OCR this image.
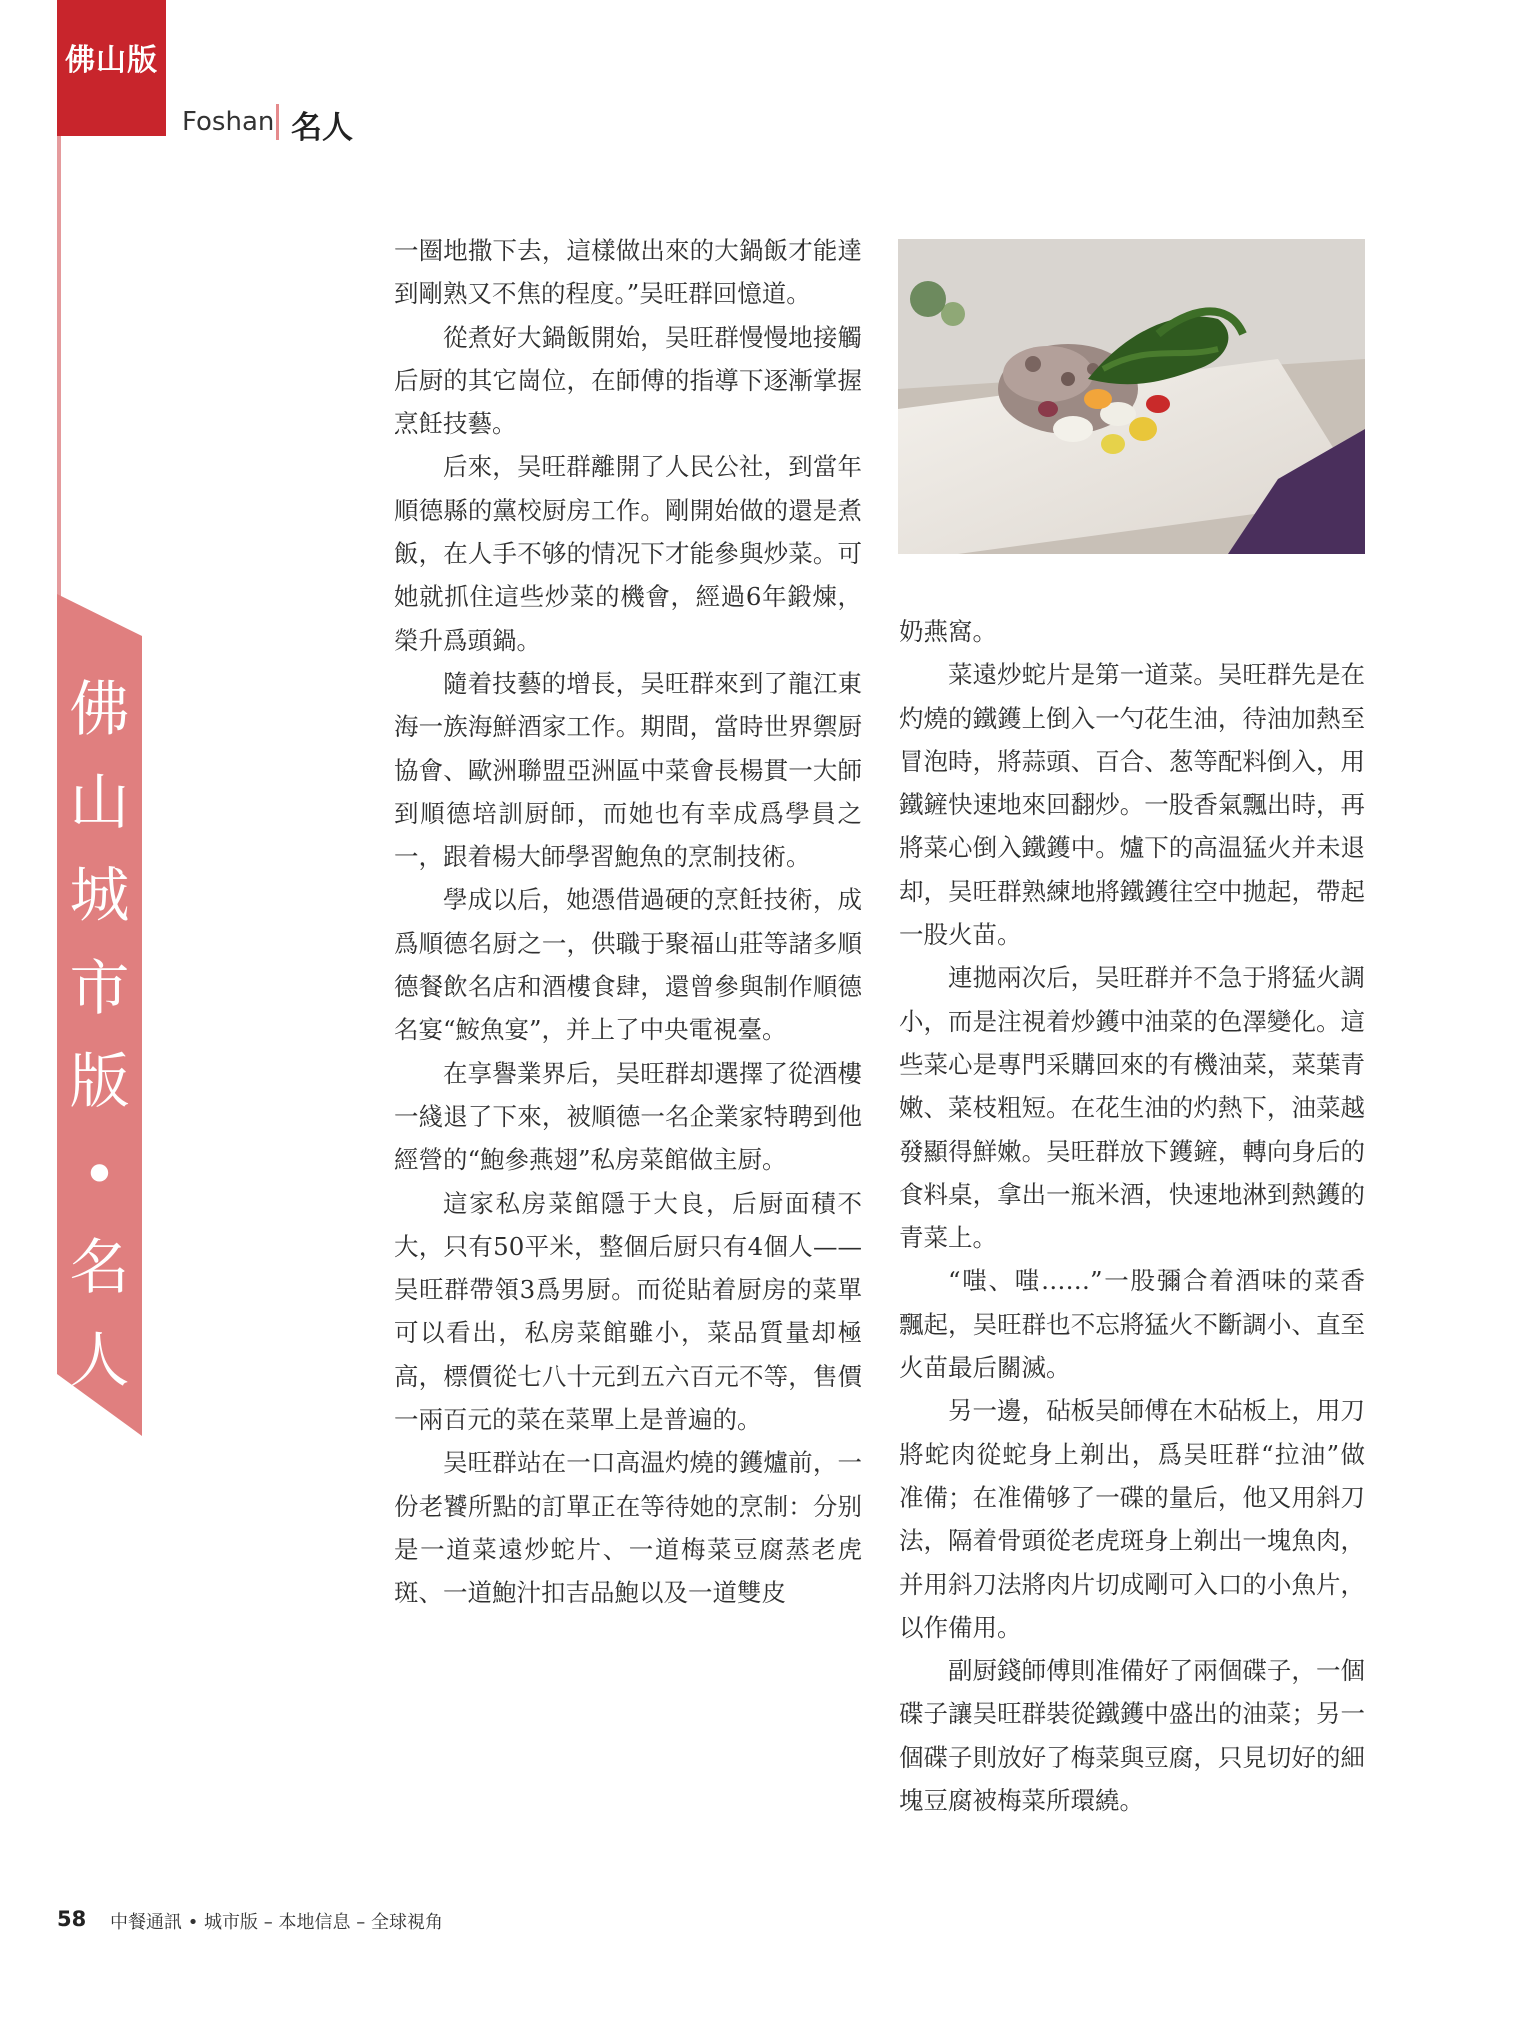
佛山版
Foshan 名人
佛
山
城
市
版
•
名
人

一圈地撒下去，這樣做出來的大鍋飯才能達到剛熟又不焦的程度。”吴旺群回憶道。

從煮好大鍋飯開始，吴旺群慢慢地接觸后厨的其它崗位，在師傅的指導下逐漸掌握烹飪技藝。

后來，吴旺群離開了人民公社，到當年順德縣的黨校厨房工作。剛開始做的還是煮飯，在人手不够的情况下才能參與炒菜。可她就抓住這些炒菜的機會，經過6年鍛煉，榮升爲頭鍋。

隨着技藝的增長，吴旺群來到了龍江東海一族海鮮酒家工作。期間，當時世界禦厨協會、歐洲聯盟亞洲區中菜會長楊貫一大師到順德培訓厨師，而她也有幸成爲學員之一，跟着楊大師學習鮑魚的烹制技術。

學成以后，她憑借過硬的烹飪技術，成爲順德名厨之一，供職于聚福山莊等諸多順德餐飲名店和酒樓食肆，還曾參與制作順德名宴“鮟魚宴”，并上了中央電視臺。

在享譽業界后，吴旺群却選擇了從酒樓一綫退了下來，被順德一名企業家特聘到他經營的“鮑參燕翅”私房菜館做主厨。

這家私房菜館隱于大良，后厨面積不大，只有50平米，整個后厨只有4個人——吴旺群帶領3爲男厨。而從貼着厨房的菜單可以看出，私房菜館雖小，菜品質量却極高，標價從七八十元到五六百元不等，售價一兩百元的菜在菜單上是普遍的。

吴旺群站在一口高温灼燒的鑊爐前，一份老饕所點的訂單正在等待她的烹制：分别是一道菜遠炒蛇片、一道梅菜豆腐蒸老虎斑、一道鮑汁扣吉品鮑以及一道雙皮

奶燕窩。

菜遠炒蛇片是第一道菜。吴旺群先是在灼燒的鐵鑊上倒入一勺花生油，待油加熱至冒泡時，將蒜頭、百合、葱等配料倒入，用鐵鏟快速地來回翻炒。一股香氣飄出時，再將菜心倒入鐵鑊中。爐下的高温猛火并未退却，吴旺群熟練地將鐵鑊往空中拋起，帶起一股火苗。

連拋兩次后，吴旺群并不急于將猛火調小，而是注視着炒鑊中油菜的色澤變化。這些菜心是專門采購回來的有機油菜，菜葉青嫩、菜枝粗短。在花生油的灼熱下，油菜越發顯得鮮嫩。吴旺群放下鑊鏟，轉向身后的食料桌，拿出一瓶米酒，快速地淋到熱鑊的青菜上。

“嗤、嗤……”一股彌合着酒味的菜香飄起，吴旺群也不忘將猛火不斷調小、直至火苗最后關滅。

另一邊，砧板吴師傅在木砧板上，用刀將蛇肉從蛇身上剃出，爲吴旺群“拉油”做准備；在准備够了一碟的量后，他又用斜刀法，隔着骨頭從老虎斑身上剃出一塊魚肉，并用斜刀法將肉片切成剛可入口的小魚片，以作備用。

副厨錢師傅則准備好了兩個碟子，一個碟子讓吴旺群裝從鐵鑊中盛出的油菜；另一個碟子則放好了梅菜與豆腐，只見切好的細塊豆腐被梅菜所環繞。

58 中餐通訊 • 城市版 – 本地信息 – 全球視角
